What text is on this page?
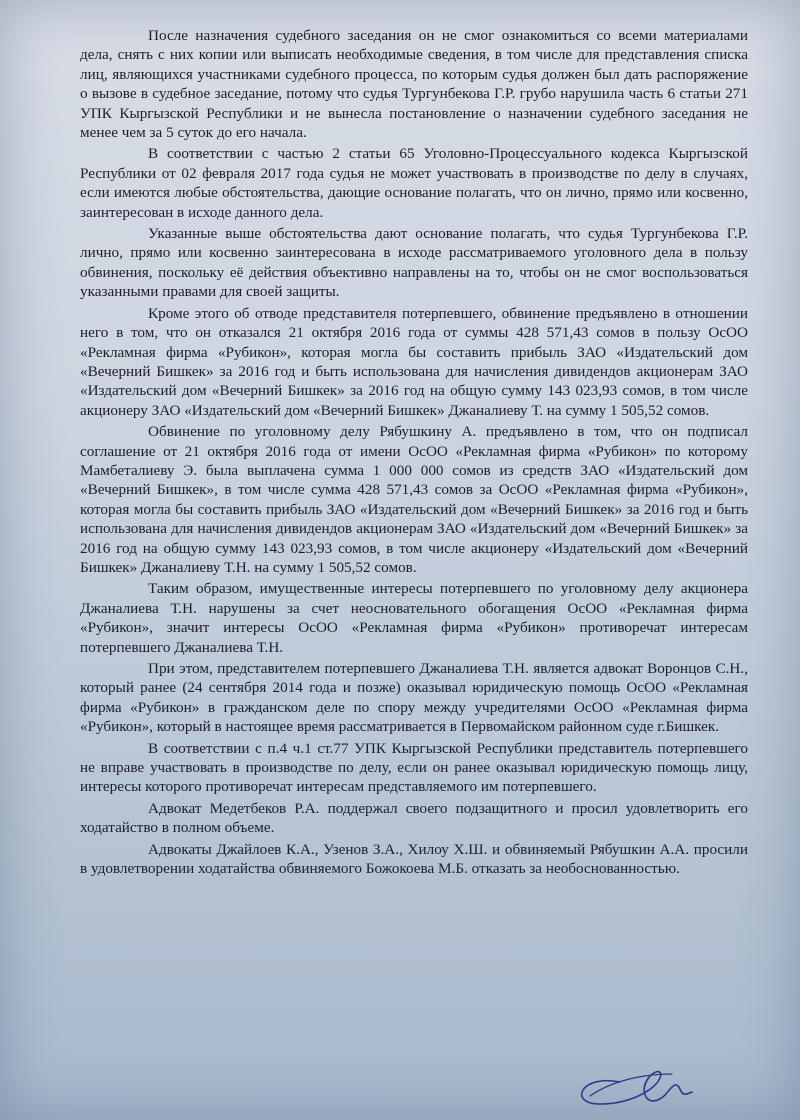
После назначения судебного заседания он не смог ознакомиться со всеми материалами дела, снять с них копии или выписать необходимые сведения, в том числе для представления списка лиц, являющихся участниками судебного процесса, по которым судья должен был дать распоряжение о вызове в судебное заседание, потому что судья Тургунбекова Г.Р. грубо нарушила часть 6 статьи 271 УПК Кыргызской Республики и не вынесла постановление о назначении судебного заседания не менее чем за 5 суток до его начала.

В соответствии с частью 2 статьи 65 Уголовно-Процессуального кодекса Кыргызской Республики от 02 февраля 2017 года судья не может участвовать в производстве по делу в случаях, если имеются любые обстоятельства, дающие основание полагать, что он лично, прямо или косвенно, заинтересован в исходе данного дела.

Указанные выше обстоятельства дают основание полагать, что судья Тургунбекова Г.Р. лично, прямо или косвенно заинтересована в исходе рассматриваемого уголовного дела в пользу обвинения, поскольку её действия объективно направлены на то, чтобы он не смог воспользоваться указанными правами для своей защиты.

Кроме этого об отводе представителя потерпевшего, обвинение предъявлено в отношении него в том, что он отказался 21 октября 2016 года от суммы 428 571,43 сомов в пользу ОсОО «Рекламная фирма «Рубикон», которая могла бы составить прибыль ЗАО «Издательский дом «Вечерний Бишкек» за 2016 год и быть использована для начисления дивидендов акционерам ЗАО «Издательский дом «Вечерний Бишкек» за 2016 год на общую сумму 143 023,93 сомов, в том числе акционеру ЗАО «Издательский дом «Вечерний Бишкек» Джаналиеву Т. на сумму 1 505,52 сомов.

Обвинение по уголовному делу Рябушкину А. предъявлено в том, что он подписал соглашение от 21 октября 2016 года от имени ОсОО «Рекламная фирма «Рубикон» по которому Мамбеталиеву Э. была выплачена сумма 1 000 000 сомов из средств ЗАО «Издательский дом «Вечерний Бишкек», в том числе сумма 428 571,43 сомов за ОсОО «Рекламная фирма «Рубикон», которая могла бы составить прибыль ЗАО «Издательский дом «Вечерний Бишкек» за 2016 год и быть использована для начисления дивидендов акционерам ЗАО «Издательский дом «Вечерний Бишкек» за 2016 год на общую сумму 143 023,93 сомов, в том числе акционеру «Издательский дом «Вечерний Бишкек» Джаналиеву Т.Н. на сумму 1 505,52 сомов.

Таким образом, имущественные интересы потерпевшего по уголовному делу акционера Джаналиева Т.Н. нарушены за счет неосновательного обогащения ОсОО «Рекламная фирма «Рубикон», значит интересы ОсОО «Рекламная фирма «Рубикон» противоречат интересам потерпевшего Джаналиева Т.Н.

При этом, представителем потерпевшего Джаналиева Т.Н. является адвокат Воронцов С.Н., который ранее (24 сентября 2014 года и позже) оказывал юридическую помощь ОсОО «Рекламная фирма «Рубикон» в гражданском деле по спору между учредителями ОсОО «Рекламная фирма «Рубикон», который в настоящее время рассматривается в Первомайском районном суде г.Бишкек.

В соответствии с п.4 ч.1 ст.77 УПК Кыргызской Республики представитель потерпевшего не вправе участвовать в производстве по делу, если он ранее оказывал юридическую помощь лицу, интересы которого противоречат интересам представляемого им потерпевшего.

Адвокат Медетбеков Р.А. поддержал своего подзащитного и просил удовлетворить его ходатайство в полном объеме.

Адвокаты Джайлоев К.А., Узенов З.А., Хилоу Х.Ш. и обвиняемый Рябушкин А.А. просили в удовлетворении ходатайства обвиняемого Божокоева М.Б. отказать за необоснованностью.
